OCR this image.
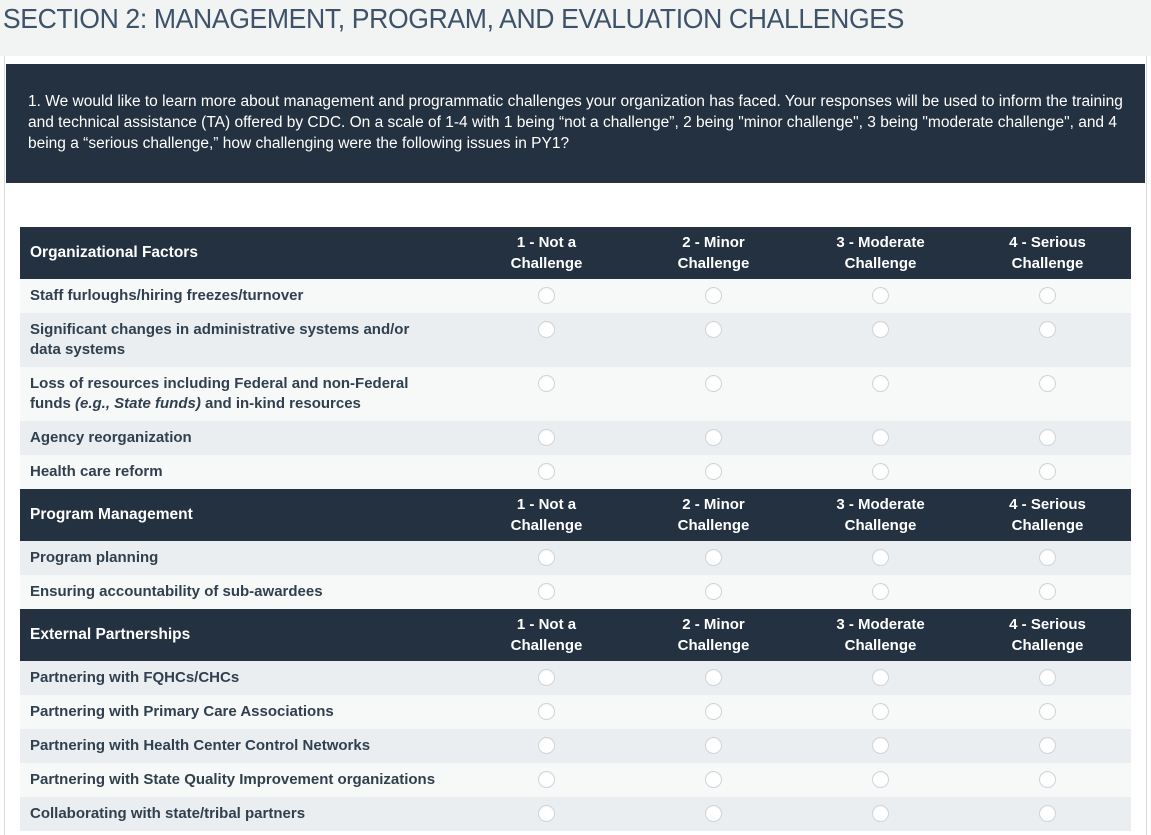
SECTION 2: MANAGEMENT, PROGRAM, AND EVALUATION CHALLENGES
1. We would like to learn more about management and programmatic challenges your organization has faced. Your responses will be used to inform the training and technical assistance (TA) offered by CDC. On a scale of 1-4 with 1 being “not a challenge”, 2 being "minor challenge", 3 being "moderate challenge", and 4 being a “serious challenge,” how challenging were the following issues in PY1?
Organizational Factors
1 - Not a
Challenge
2 - Minor
Challenge
3 - Moderate
Challenge
4 - Serious
Challenge
Staff furloughs/hiring freezes/turnover
Significant changes in administrative systems and/or data systems
Loss of resources including Federal and non-Federal funds (e.g., State funds) and in-kind resources
Agency reorganization
Health care reform
Program Management
1 - Not a
Challenge
2 - Minor
Challenge
3 - Moderate
Challenge
4 - Serious
Challenge
Program planning
Ensuring accountability of sub-awardees
External Partnerships
1 - Not a
Challenge
2 - Minor
Challenge
3 - Moderate
Challenge
4 - Serious
Challenge
Partnering with FQHCs/CHCs
Partnering with Primary Care Associations
Partnering with Health Center Control Networks
Partnering with State Quality Improvement organizations
Collaborating with state/tribal partners
